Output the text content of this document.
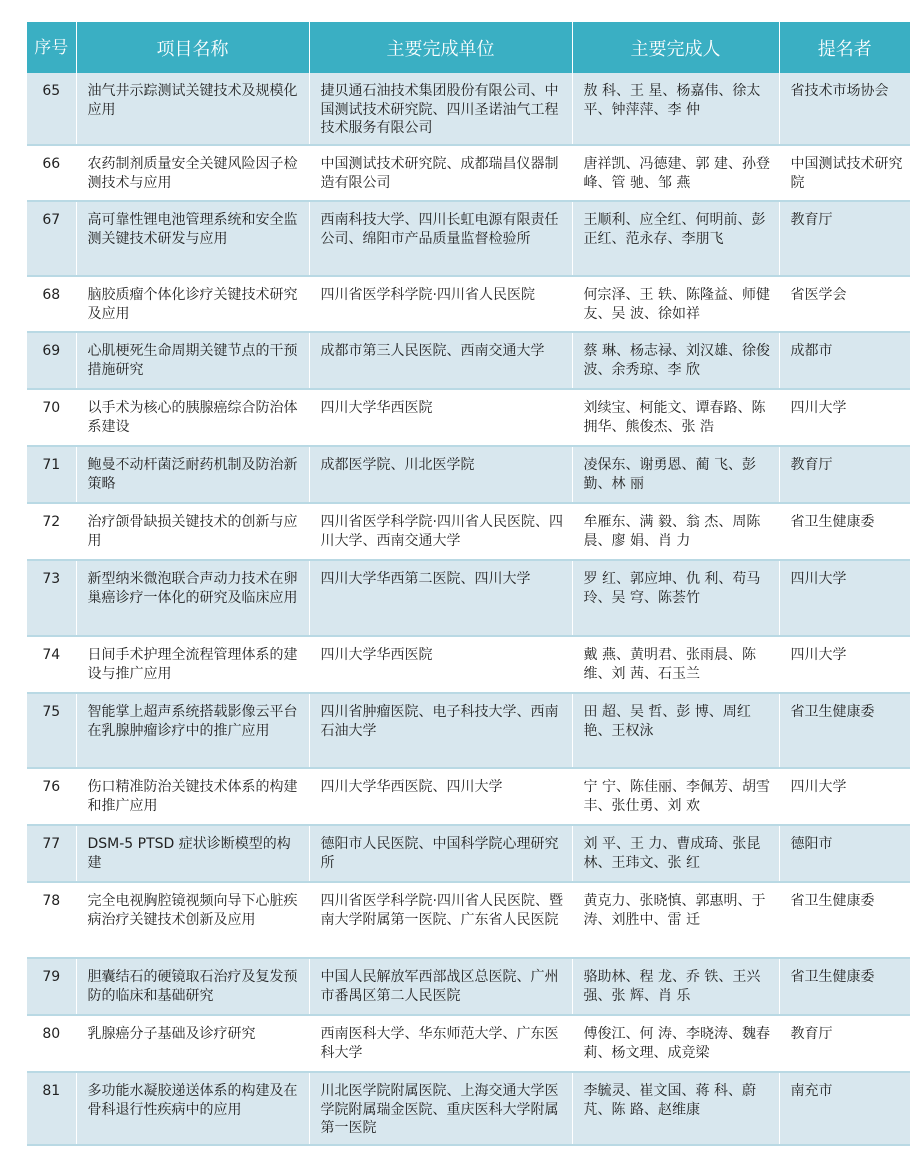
序号	项目名称	主要完成单位	主要完成人	提名者
65	油气井示踪测试关键技术及规模化应用	捷贝通石油技术集团股份有限公司、中国测试技术研究院、四川圣诺油气工程技术服务有限公司	敖 科、王 星、杨嘉伟、徐太平、钟萍萍、李 仲	省技术市场协会
66	农药制剂质量安全关键风险因子检测技术与应用	中国测试技术研究院、成都瑞昌仪器制造有限公司	唐祥凯、冯德建、郭 建、孙登峰、管 驰、邹 燕	中国测试技术研究院
67	高可靠性锂电池管理系统和安全监测关键技术研发与应用	西南科技大学、四川长虹电源有限责任公司、绵阳市产品质量监督检验所	王顺利、应全红、何明前、彭正红、范永存、李朋飞	教育厅
68	脑胶质瘤个体化诊疗关键技术研究及应用	四川省医学科学院·四川省人民医院	何宗泽、王 轶、陈隆益、师健友、吴 波、徐如祥	省医学会
69	心肌梗死生命周期关键节点的干预措施研究	成都市第三人民医院、西南交通大学	蔡 琳、杨志禄、刘汉雄、徐俊波、余秀琼、李 欣	成都市
70	以手术为核心的胰腺癌综合防治体系建设	四川大学华西医院	刘续宝、柯能文、谭春路、陈拥华、熊俊杰、张 浩	四川大学
71	鲍曼不动杆菌泛耐药机制及防治新策略	成都医学院、川北医学院	凌保东、谢勇恩、蔺 飞、彭 勤、林 丽	教育厅
72	治疗颌骨缺损关键技术的创新与应用	四川省医学科学院·四川省人民医院、四川大学、西南交通大学	牟雁东、满 毅、翁 杰、周陈晨、廖 娟、肖 力	省卫生健康委
73	新型纳米微泡联合声动力技术在卵巢癌诊疗一体化的研究及临床应用	四川大学华西第二医院、四川大学	罗 红、郭应坤、仇 利、苟马玲、吴 穹、陈荟竹	四川大学
74	日间手术护理全流程管理体系的建设与推广应用	四川大学华西医院	戴 燕、黄明君、张雨晨、陈 维、刘 茜、石玉兰	四川大学
75	智能掌上超声系统搭载影像云平台在乳腺肿瘤诊疗中的推广应用	四川省肿瘤医院、电子科技大学、西南石油大学	田 超、吴 哲、彭 博、周红艳、王权泳	省卫生健康委
76	伤口精准防治关键技术体系的构建和推广应用	四川大学华西医院、四川大学	宁 宁、陈佳丽、李佩芳、胡雪丰、张仕勇、刘 欢	四川大学
77	DSM-5 PTSD 症状诊断模型的构建	德阳市人民医院、中国科学院心理研究所	刘 平、王 力、曹成琦、张昆林、王玮文、张 红	德阳市
78	完全电视胸腔镜视频向导下心脏疾病治疗关键技术创新及应用	四川省医学科学院·四川省人民医院、暨南大学附属第一医院、广东省人民医院	黄克力、张晓慎、郭惠明、于 涛、刘胜中、雷 迁	省卫生健康委
79	胆囊结石的硬镜取石治疗及复发预防的临床和基础研究	中国人民解放军西部战区总医院、广州市番禺区第二人民医院	骆助林、程 龙、乔 铁、王兴强、张 辉、肖 乐	省卫生健康委
80	乳腺癌分子基础及诊疗研究	西南医科大学、华东师范大学、广东医科大学	傅俊江、何 涛、李晓涛、魏春莉、杨文理、成竞梁	教育厅
81	多功能水凝胶递送体系的构建及在骨科退行性疾病中的应用	川北医学院附属医院、上海交通大学医学院附属瑞金医院、重庆医科大学附属第一医院	李毓灵、崔文国、蒋 科、蔚 芃、陈 路、赵维康	南充市
